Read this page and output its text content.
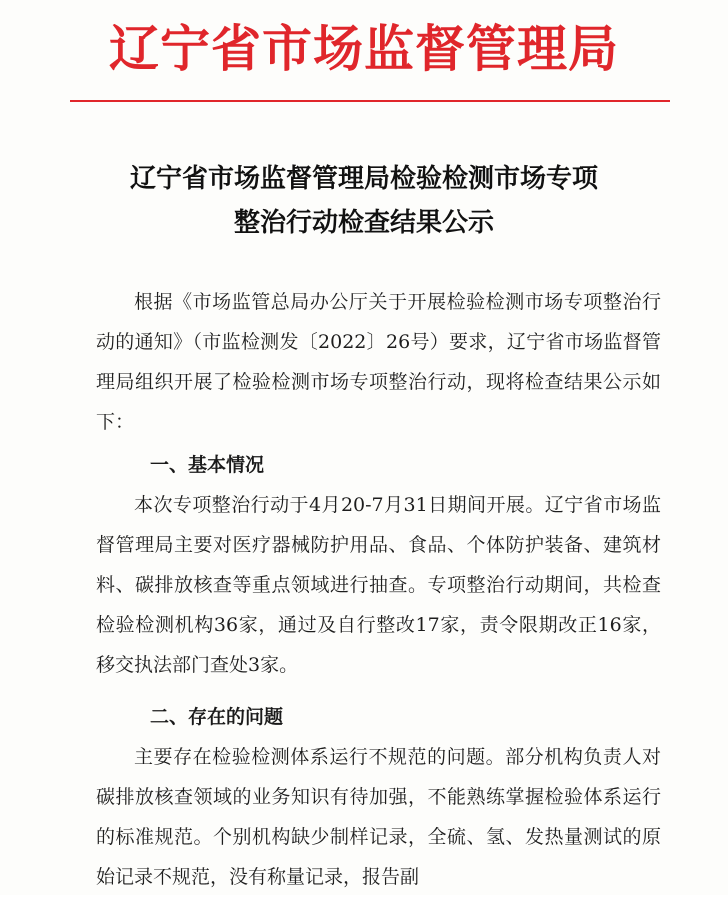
辽宁省市场监督管理局
辽宁省市场监督管理局检验检测市场专项
整治行动检查结果公示

根据《市场监管总局办公厅关于开展检验检测市场专项整治行动的通知》（市监检测发〔2022〕26号）要求，辽宁省市场监督管理局组织开展了检验检测市场专项整治行动，现将检查结果公示如下：

一、基本情况

本次专项整治行动于4月20-7月31日期间开展。辽宁省市场监督管理局主要对医疗器械防护用品、食品、个体防护装备、建筑材料、碳排放核查等重点领域进行抽查。专项整治行动期间，共检查检验检测机构36家，通过及自行整改17家，责令限期改正16家，移交执法部门查处3家。

二、存在的问题

主要存在检验检测体系运行不规范的问题。部分机构负责人对碳排放核查领域的业务知识有待加强，不能熟练掌握检验体系运行的标准规范。个别机构缺少制样记录，全硫、氢、发热量测试的原始记录不规范，没有称量记录，报告副
